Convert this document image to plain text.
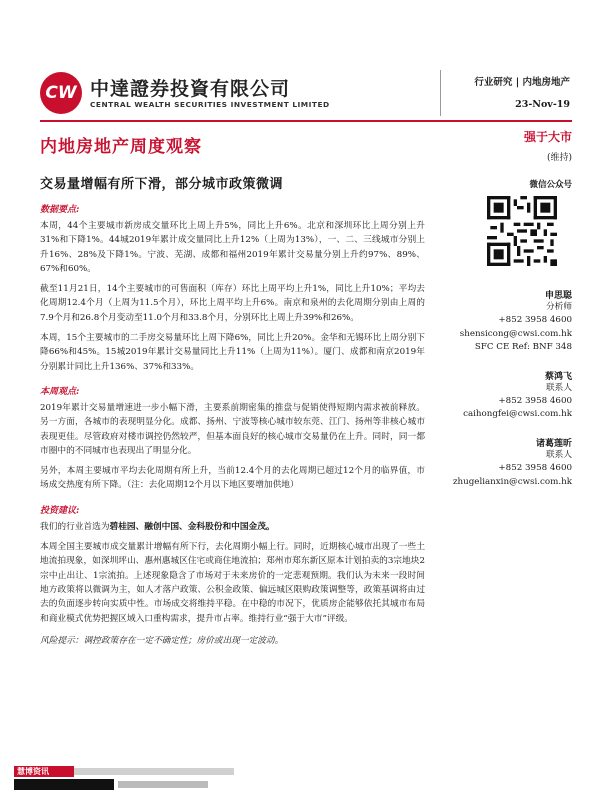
CW 中達證券投資有限公司
CENTRAL WEALTH SECURITIES INVESTMENT LIMITED
行业研究 | 内地房地产
23-Nov-19
内地房地产周度观察
交易量增幅有所下滑，部分城市政策微调
数据要点:

本周，44个主要城市新房成交量环比上周上升5%，同比上升6%。北京和深圳环比上周分别上升31%和下降1%。44城2019年累计成交量同比上升12%（上周为13%），一、二、三线城市分别上升16%、28%及下降1%。宁波、芜湖、成都和福州2019年累计交易量分别上升约97%、89%、67%和60%。

截至11月21日，14个主要城市的可售面积（库存）环比上周平均上升1%，同比上升10%；平均去化周期12.4个月（上周为11.5个月），环比上周平均上升6%。南京和泉州的去化周期分别由上周的7.9个月和26.8个月变动至11.0个月和33.8个月，分别环比上周上升39%和26%。

本周，15个主要城市的二手房交易量环比上周下降6%，同比上升20%。金华和无锡环比上周分别下降66%和45%。15城2019年累计交易量同比上升11%（上周为11%）。厦门、成都和南京2019年分别累计同比上升136%、37%和33%。

本周观点:

2019年累计交易量增速进一步小幅下滑，主要系前期密集的推盘与促销使得短期内需求被前释放。另一方面，各城市的表现明显分化。成都、扬州、宁波等核心城市较东莞、江门、扬州等非核心城市表现更佳。尽管政府对楼市调控仍然较严，但基本面良好的核心城市交易量仍在上升。同时，同一都市圈中的不同城市也表现出了明显分化。

另外，本周主要城市平均去化周期有所上升，当前12.4个月的去化周期已超过12个月的临界值，市场成交热度有所下降。（注：去化周期12个月以下地区要增加供地）

投资建议:

我们的行业首选为碧桂园、融创中国、金科股份和中国金茂。

本周全国主要城市成交量累计增幅有所下行，去化周期小幅上行。同时，近期核心城市出现了一些土地流拍现象，如深圳坪山、惠州惠城区住宅或商住地流拍；郑州市郑东新区原本计划拍卖的3宗地块2宗中止出让、1宗流拍。上述现象隐含了市场对于未来房价的一定悲观预期。我们认为未来一段时间地方政策将以微调为主，如人才落户政策、公积金政策、偏远城区限购政策调整等，政策基调将由过去的负面逐步转向实质中性。市场成交将维持平稳。在中稳的市况下，优质房企能够依托其城市布局和商业模式优势把握区域入口重构需求，提升市占率。维持行业“强于大市”评级。

风险提示：调控政策存在一定不确定性；房价或出现一定波动。

强于大市
(维持)
微信公众号
申思聪
分析师
+852 3958 4600
shensicong@cwsi.com.hk
SFC CE Ref: BNF 348
蔡鸿飞
联系人
+852 3958 4600
caihongfei@cwsi.com.hk
诸葛莲昕
联系人
+852 3958 4600
zhugelianxin@cwsi.com.hk
慧博资讯
